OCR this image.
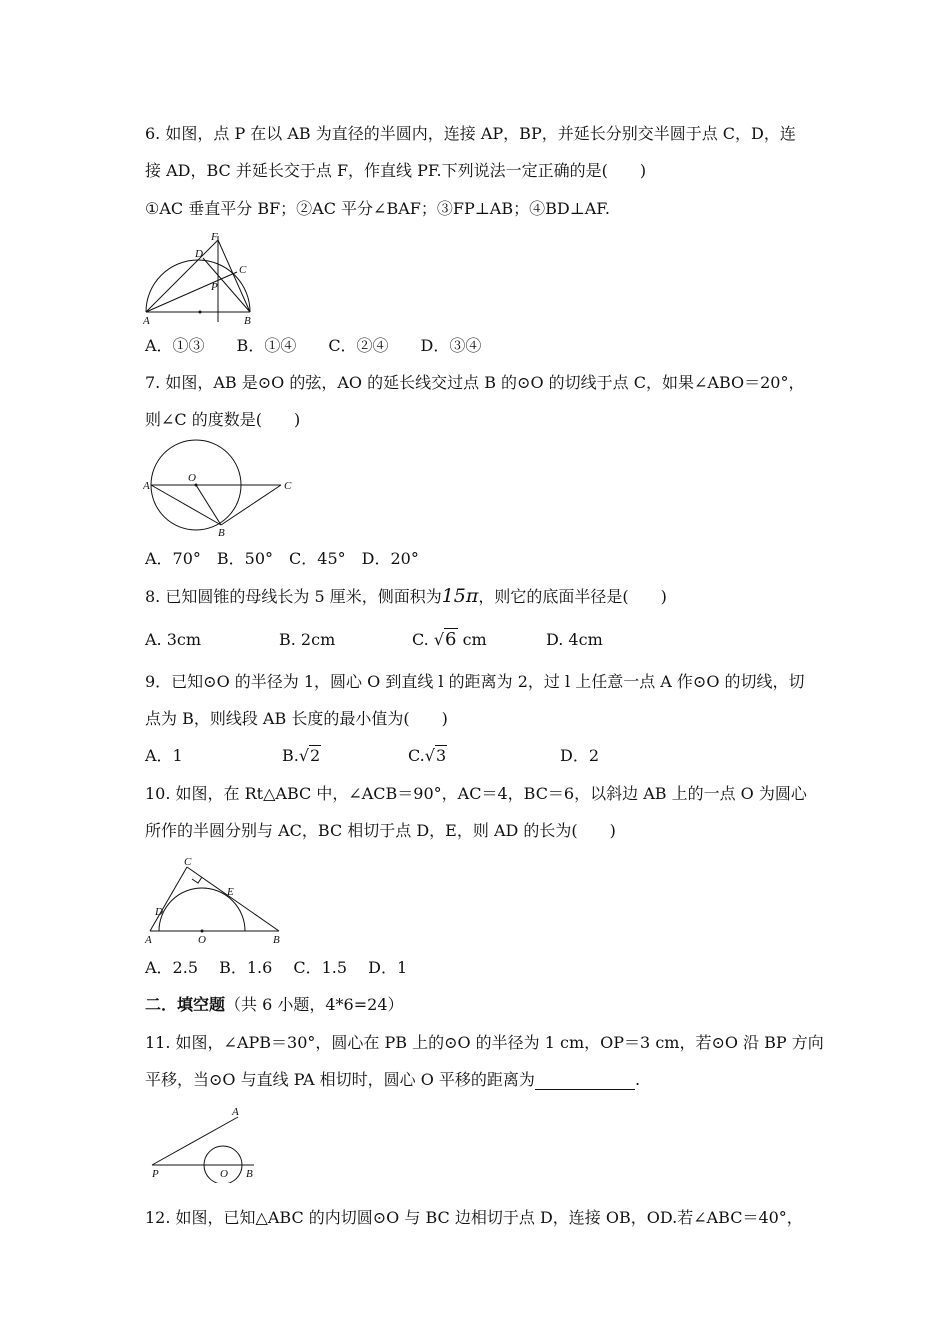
6. 如图，点 P 在以 AB 为直径的半圆内，连接 AP，BP，并延长分别交半圆于点 C，D，连
接 AD，BC 并延长交于点 F，作直线 PF.下列说法一定正确的是(　　)
①AC 垂直平分 BF；②AC 平分∠BAF；③FP⊥AB；④BD⊥AF.
F
D
C
P
A	B
A．①③　　B．①④　　C．②④　　D．③④
7. 如图，AB 是⊙O 的弦，AO 的延长线交过点 B 的⊙O 的切线于点 C，如果∠ABO＝20°，
则∠C 的度数是(　　)
O
A	C
B
A．70°　B．50°　C．45°　D．20°
8. 已知圆锥的母线长为 5 厘米，侧面积为15π，则它的底面半径是(　　)
A. 3cm	B. 2cm	C. √6 cm	D. 4cm
9．已知⊙O 的半径为 1，圆心 O 到直线 l 的距离为 2，过 l 上任意一点 A 作⊙O 的切线，切
点为 B，则线段 AB 长度的最小值为(　　)
A．1	B.√2	C.√3	D．2
10. 如图，在 Rt△ABC 中，∠ACB＝90°，AC＝4，BC＝6，以斜边 AB 上的一点 O 为圆心
所作的半圆分别与 AC，BC 相切于点 D，E，则 AD 的长为(　　)
C
E
D
A	O	B
A．2.5　 B．1.6　 C．1.5　 D．1
二．填空题（共 6 小题，4*6=24）
11. 如图，∠APB＝30°，圆心在 PB 上的⊙O 的半径为 1 cm，OP＝3 cm，若⊙O 沿 BP 方向
平移，当⊙O 与直线 PA 相切时，圆心 O 平移的距离为	.
A
P	O B
12. 如图，已知△ABC 的内切圆⊙O 与 BC 边相切于点 D，连接 OB，OD.若∠ABC＝40°，
